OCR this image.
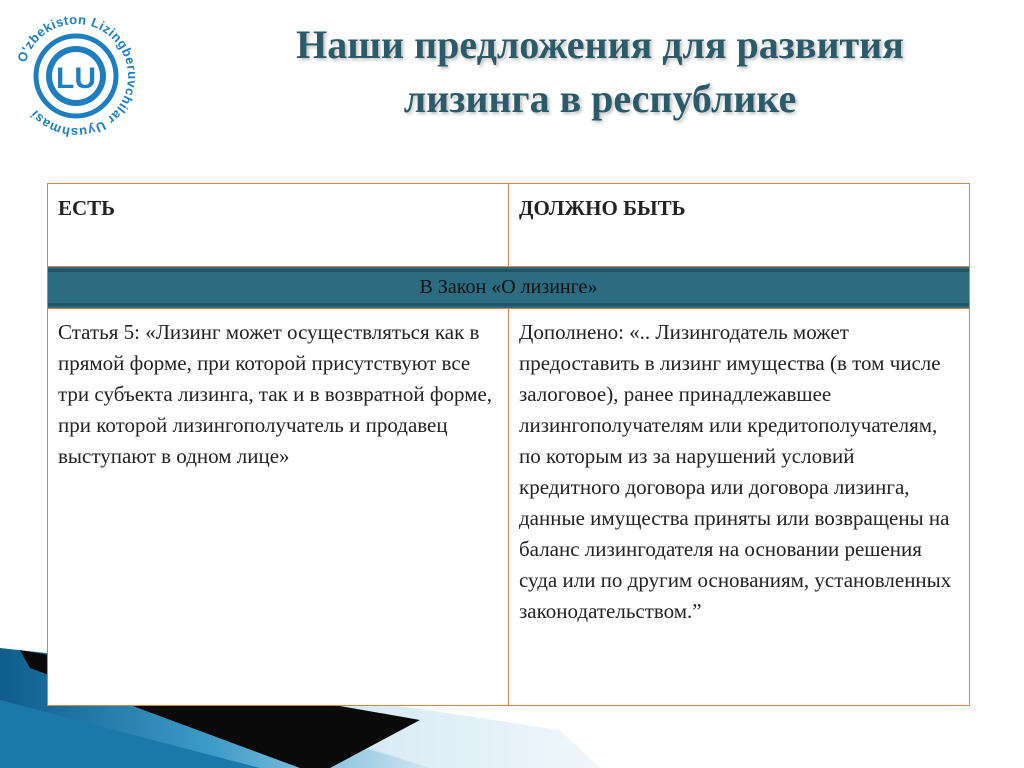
LU
O'zbekiston Lizingberuvchilar Uyushmasi
Наши предложения для развития
лизинга в республике
ЕСТЬ	ДОЛЖНО БЫТЬ

В Закон «О лизинге»	

Статья 5: «Лизинг может осуществляться как в прямой форме, при которой присутствуют все три субъекта лизинга, так и в возвратной форме, при которой лизингополучатель и продавец выступают в одном лице»	Дополнено: «.. Лизингодатель может предоставить в лизинг имущества (в том числе залоговое), ранее принадлежавшее лизингополучателям или кредитополучателям, по которым из за нарушений условий кредитного договора или договора лизинга, данные имущества приняты или возвращены на баланс лизингодателя на основании решения суда или по другим основаниям, установленных законодательством.”
